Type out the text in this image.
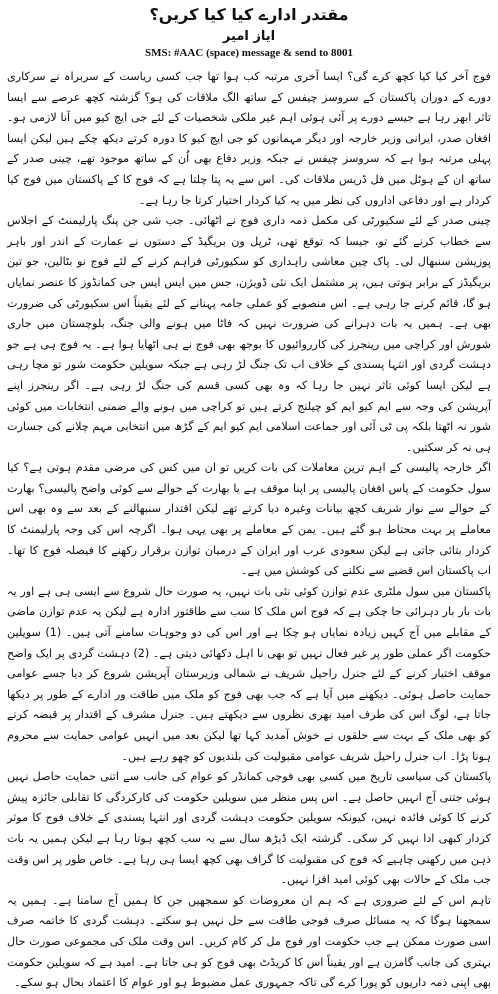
مقتدر ادارے کیا کیا کریں؟
ایاز امیر
SMS: #AAC (space) message & send to 8001

فوج آخر کیا کیا کچھ کرے گی؟ ایسا آخری مرتبہ کب ہوا تھا جب کسی ریاست کے سربراہ نے سرکاری دورے کے دوران پاکستان کے سروسز چیفس کے ساتھ الگ ملاقات کی ہو؟ گزشتہ کچھ عرصے سے ایسا تاثر ابھر رہا ہے جیسے دورے پر آئی ہوئی اہم غیر ملکی شخصیات کے لئے جی ایچ کیو میں آنا لازمی ہو۔ افغان صدر، ایرانی وزیر خارجہ اور دیگر مہمانوں کو جی ایچ کیو کا دورہ کرتے دیکھ چکے ہیں لیکن ایسا پہلی مرتبہ ہوا ہے کہ سروسز چیفس نے جبکہ وزیر دفاع بھی اُن کے ساتھ موجود تھے، چینی صدر کے ساتھ ان کے ہوٹل میں فل ڈریس ملاقات کی۔ اس سے یہ پتا چلتا ہے کہ فوج کا کے پاکستان میں فوج کیا کردار ہے اور دفاعی اداروں کی نظر میں یہ کیا کردار اختیار کرتا جا رہا ہے۔

چینی صدر کے لئے سکیورٹی کی مکمل ذمہ داری فوج نے اٹھائی۔ جب شی جن پنگ پارلیمنٹ کے اجلاس سے خطاب کرنے گئے تو، جیسا کہ توقع تھی، ٹرپل ون بریگیڈ کے دستوں نے عمارت کے اندر اور باہر پوزیشن سنبھال لی۔ پاک چین معاشی راہداری کو سکیورٹی فراہم کرنے کے لئے فوج نو بٹالین، جو تین بریگیڈز کے برابر ہوتی ہیں، پر مشتمل ایک نئی ڈویژن، جس میں ایس ایس جی کمانڈوز کا عنصر نمایاں ہو گا، قائم کرنے جا رہی ہے۔ اس منصوبے کو عملی جامہ پہنانے کے لئے یقیناً اس سکیورٹی کی ضرورت بھی ہے۔ ہمیں یہ بات دہرانے کی ضرورت نہیں کہ فاٹا میں ہونے والی جنگ، بلوچستان میں جاری شورش اور کراچی میں رینجرز کی کارروائیوں کا بوجھ بھی فوج نے ہی اٹھایا ہوا ہے۔ یہ فوج ہی ہے جو دہشت گردی اور انتہا پسندی کے خلاف اب تک جنگ لڑ رہی ہے جبکہ سویلین حکومت شور تو مچا رہی ہے لیکن ایسا کوئی تاثر نہیں جا رہا کہ وہ بھی کسی قسم کی جنگ لڑ رہی ہے۔ اگر رینجرز اپنے آپریشن کی وجہ سے ایم کیو ایم کو چیلنج کرتے ہیں تو کراچی میں ہونے والے ضمنی انتخابات میں کوئی شور نہ اٹھتا بلکہ پی ٹی آئی اور جماعت اسلامی ایم کیو ایم کے گڑھ میں انتخابی مہم چلانے کی جسارت ہی نہ کر سکتیں۔

اگر خارجہ پالیسی کے اہم ترین معاملات کی بات کریں تو ان میں کس کی مرضی مقدم ہوتی ہے؟ کیا سول حکومت کے پاس افغان پالیسی پر اپنا موقف ہے یا بھارت کے حوالے سے کوئی واضح پالیسی؟ بھارت کے حوالے سے نواز شریف کچھ بیانات وغیرہ دیا کرتے تھے لیکن اقتدار سنبھالنے کے بعد سے وہ بھی اس معاملے پر بہت محتاط ہو گئے ہیں۔ یمن کے معاملے پر بھی یہی ہوا۔ اگرچہ اس کی وجہ پارلیمنٹ کا کردار بتائی جاتی ہے لیکن سعودی عرب اور ایران کے درمیان توازن برقرار رکھنے کا فیصلہ فوج کا تھا۔ اب پاکستان اس قضیے سے نکلنے کی کوشش میں ہے۔

پاکستان میں سول ملٹری عدم توازن کوئی نئی بات نہیں، یہ صورت حال شروع سے ایسی ہی ہے اور یہ بات بار بار دہرائی جا چکی ہے کہ فوج اس ملک کا سب سے طاقتور ادارہ ہے لیکن یہ عدم توازن ماضی کے مقابلے میں آج کہیں زیادہ نمایاں ہو چکا ہے اور اس کی دو وجوہات سامنے آتی ہیں۔ (1) سویلین حکومت اگر عملی طور پر غیر فعال نہیں تو بھی نا اہل دکھائی دیتی ہے۔ (2) دہشت گردی پر ایک واضح موقف اختیار کرنے کے لئے جنرل راحیل شریف نے شمالی وزیرستان آپریشن شروع کر دیا جسے عوامی حمایت حاصل ہوئی۔ دیکھنے میں آیا ہے کہ جب بھی فوج کو ملک میں طاقت ور ادارے کے طور پر دیکھا جاتا ہے، لوگ اس کی طرف امید بھری نظروں سے دیکھتے ہیں۔ جنرل مشرف کے اقتدار پر قبضہ کرنے کو بھی ملک کے بہت سے حلقوں نے خوش آمدید کہا تھا لیکن بعد میں انہیں عوامی حمایت سے محروم ہونا پڑا۔ اب جنرل راحیل شریف عوامی مقبولیت کی بلندیوں کو چھو رہے ہیں۔

پاکستان کی سیاسی تاریخ میں کسی بھی فوجی کمانڈر کو عوام کی جانب سے اتنی حمایت حاصل نہیں ہوئی جتنی آج انہیں حاصل ہے۔ اس پس منظر میں سویلین حکومت کی کارکردگی کا تقابلی جائزہ پیش کرنے کا کوئی فائدہ نہیں، کیونکہ سویلین حکومت دہشت گردی اور انتہا پسندی کے خلاف فوج کا موثر کردار کبھی ادا نہیں کر سکی۔ گزشتہ ایک ڈیڑھ سال سے یہ سب کچھ ہوتا رہا ہے لیکن ہمیں یہ بات ذہن میں رکھنی چاہیے کہ فوج کی مقبولیت کا گراف بھی کچھ ایسا ہی رہا ہے۔ خاص طور پر اس وقت جب ملک کے حالات بھی کوئی امید افزا نہیں۔

تاہم اس کے لئے ضروری ہے کہ ہم ان معروضات کو سمجھیں جن کا ہمیں آج سامنا ہے۔ ہمیں یہ سمجھنا ہوگا کہ یہ مسائل صرف فوجی طاقت سے حل نہیں ہو سکتے۔ دہشت گردی کا خاتمہ صرف اسی صورت ممکن ہے جب حکومت اور فوج مل کر کام کریں۔ اس وقت ملک کی مجموعی صورت حال بہتری کی جانب گامزن ہے اور یقیناً اس کا کریڈٹ بھی فوج کو ہی جاتا ہے۔ امید ہے کہ سویلین حکومت بھی اپنی ذمہ داریوں کو پورا کرے گی تاکہ جمہوری عمل مضبوط ہو اور عوام کا اعتماد بحال ہو سکے۔
